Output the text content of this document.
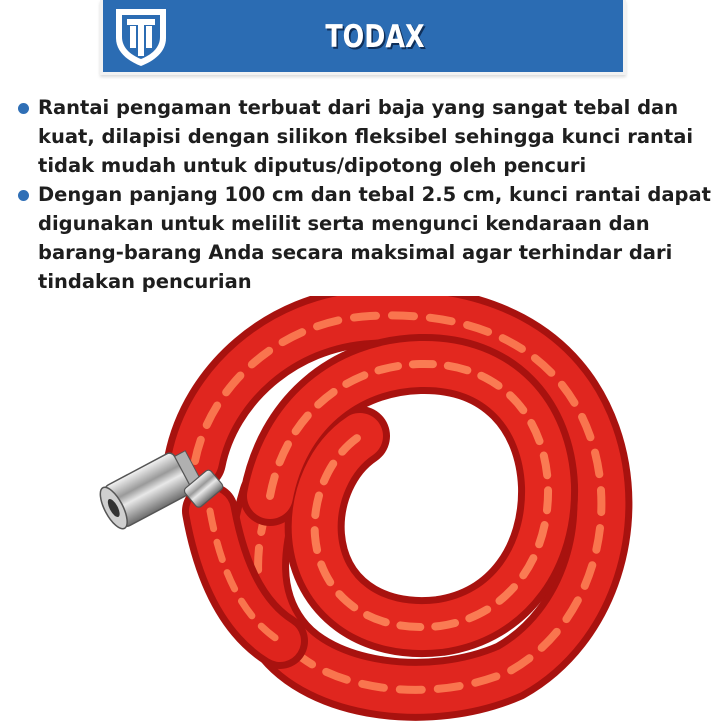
TODAX
Rantai pengaman terbuat dari baja yang sangat tebal dan kuat, dilapisi dengan silikon fleksibel sehingga kunci rantai tidak mudah untuk diputus/dipotong oleh pencuri
Dengan panjang 100 cm dan tebal 2.5 cm, kunci rantai dapat digunakan untuk melilit serta mengunci kendaraan dan barang-barang Anda secara maksimal agar terhindar dari tindakan pencurian
